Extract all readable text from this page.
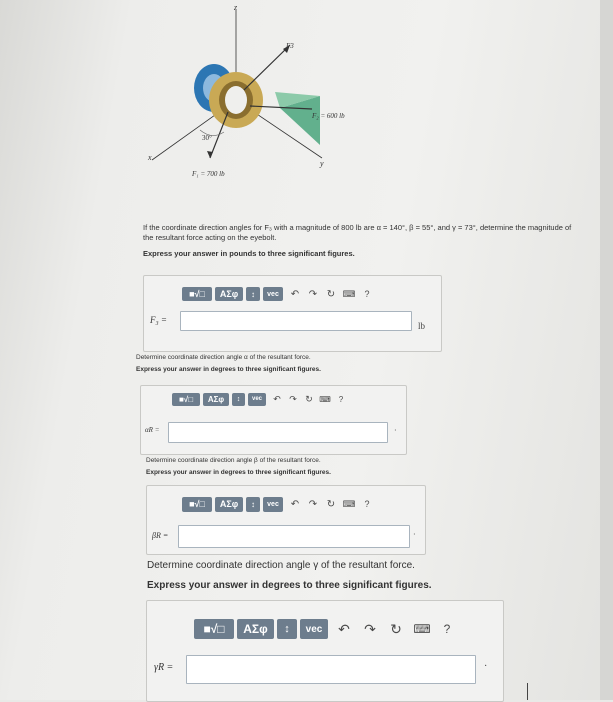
z
x
y
F3
F₂ = 600 lb
F₁ = 700 lb
30°
If the coordinate direction angles for F₃ with a magnitude of 800 lb are α = 140°, β = 55°, and γ = 73°, determine the magnitude of the resultant force acting on the eyebolt.
Express your answer in pounds to three significant figures.
■√□	AΣφ	↕	vec	↶ ↷ ↻ ⌨ ?
F₃ =
lb
Determine coordinate direction angle α of the resultant force.
Express your answer in degrees to three significant figures.
■√□	AΣφ	↕	vec	↶ ↷ ↻ ⌨	?
αR =	·
Determine coordinate direction angle β of the resultant force.
Express your answer in degrees to three significant figures.
■√□	AΣφ	↕	vec	↶ ↷ ↻ ⌨ ?
βR =	·
Determine coordinate direction angle γ of the resultant force.
Express your answer in degrees to three significant figures.
■√□	AΣφ	↕	vec	↶	↷	↻ ⌨	?
γR =	·
